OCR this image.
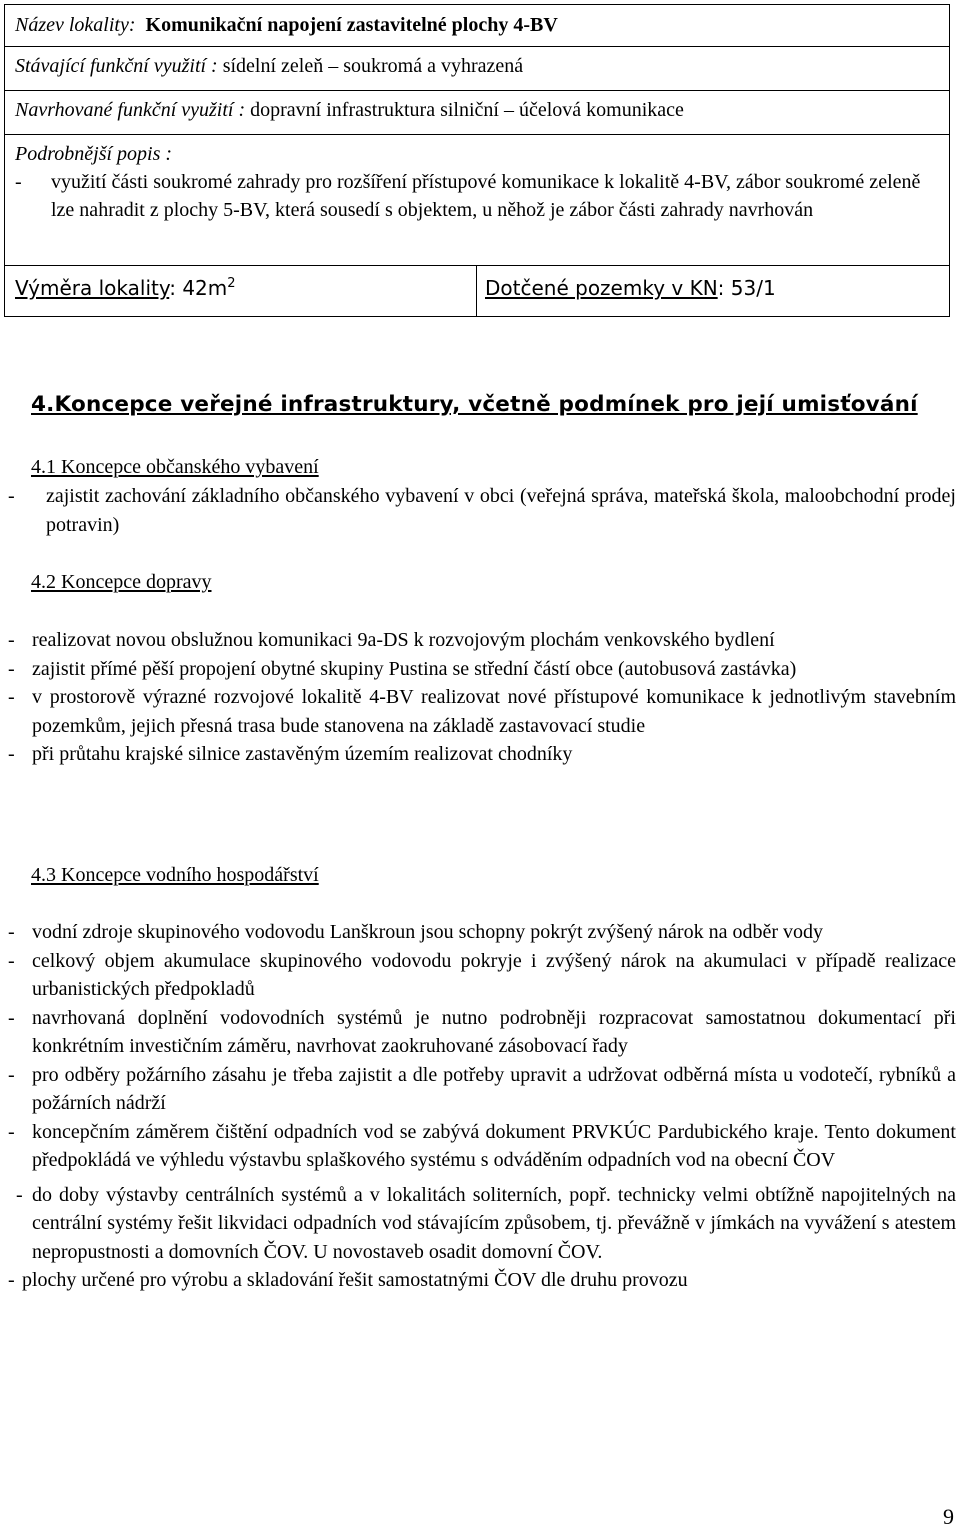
Název lokality: Komunikační napojení zastavitelné plochy 4-BV
Stávající funkční využití : sídelní zeleň – soukromá a vyhrazená
Navrhované funkční využití : dopravní infrastruktura silniční – účelová komunikace
Podrobnější popis :
-	využití části soukromé zahrady pro rozšíření přístupové komunikace k lokalitě 4-BV, zábor soukromé zeleně lze nahradit z plochy 5-BV, která sousedí s objektem, u něhož je zábor části zahrady navrhován
Výměra lokality: $42m^2$	Dotčené pozemky v KN: 53/1
4.Koncepce veřejné infrastruktury, včetně podmínek pro její umisťování
4.1 Koncepce občanského vybavení
-	zajistit zachování základního občanského vybavení v obci (veřejná správa, mateřská škola, maloobchodní prodej potravin)
4.2 Koncepce dopravy
- realizovat novou obslužnou komunikaci 9a-DS k rozvojovým plochám venkovského bydlení
- zajistit přímé pěší propojení obytné skupiny Pustina se střední částí obce (autobusová zastávka)
- v prostorově výrazné rozvojové lokalitě 4-BV realizovat nové přístupové komunikace k jednotlivým stavebním pozemkům, jejich přesná trasa bude stanovena na základě zastavovací studie
- při průtahu krajské silnice zastavěným územím realizovat chodníky
4.3 Koncepce vodního hospodářství
- vodní zdroje skupinového vodovodu Lanškroun jsou schopny pokrýt zvýšený nárok na odběr vody
- celkový objem akumulace skupinového vodovodu pokryje i zvýšený nárok na akumulaci v případě realizace urbanistických předpokladů
- navrhovaná doplnění vodovodních systémů je nutno podrobněji rozpracovat samostatnou dokumentací při konkrétním investičním záměru, navrhovat zaokruhované zásobovací řady
- pro odběry požárního zásahu je třeba zajistit a dle potřeby upravit a udržovat odběrná místa u vodotečí, rybníků a požárních nádrží
- koncepčním záměrem čištění odpadních vod se zabývá dokument PRVKÚC Pardubického kraje. Tento dokument předpokládá ve výhledu výstavbu splaškového systému s odváděním odpadních vod na obecní ČOV
- do doby výstavby centrálních systémů a v lokalitách soliterních, popř. technicky velmi obtížně napojitelných na centrální systémy řešit likvidaci odpadních vod stávajícím způsobem, tj. převážně v jímkách na vyvážení s atestem nepropustnosti a domovních ČOV. U novostaveb osadit domovní ČOV.
- plochy určené pro výrobu a skladování řešit samostatnými ČOV dle druhu provozu
9
